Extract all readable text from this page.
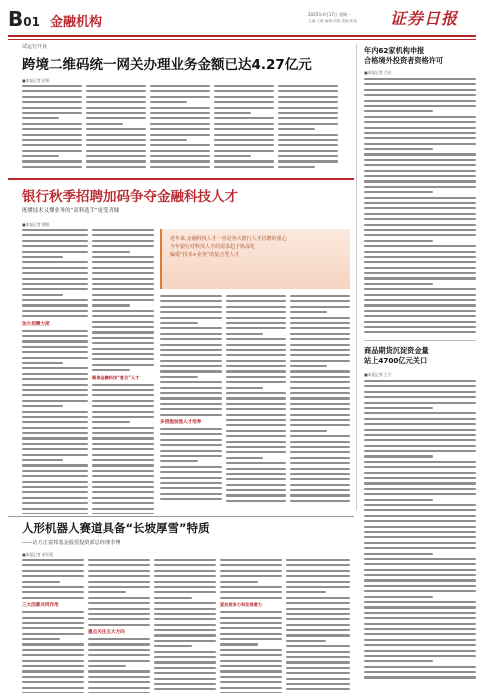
B01 金融机构
2025年3月17日 星期一
主编:王敏 编辑:刘某 美编:张某 证券日报
试运行开业
跨境二维码统一网关办理业务金额已达4.27亿元
■本报记者 彭妍
年内62家机构申报
合格境外投资者资格许可
■本报记者 吕东
商品期货沉淀资金量
站上4700亿元关口
■本报记者 王宁
银行秋季招聘加码争夺金融科技人才
既懂技术又懂业务的“双料选手”更受青睐
■本报记者 熊悦
加大招聘力度
瞄准金融科技“复合”人才
近年来,金融科技人才一直是各大银行人才招聘的重心
今年银行对科技人才的需求趋于纵深化
偏爱“技术+业务”的复合型人才
多措施加强人才培养
人形机器人赛道具备“长坡厚雪”特质
——访方正富邦基金股票投资部总经理李博
■本报记者 彭衍菘
三大因素共同作用
重点关注五大方向
紧扣竞争力和发展潜力
